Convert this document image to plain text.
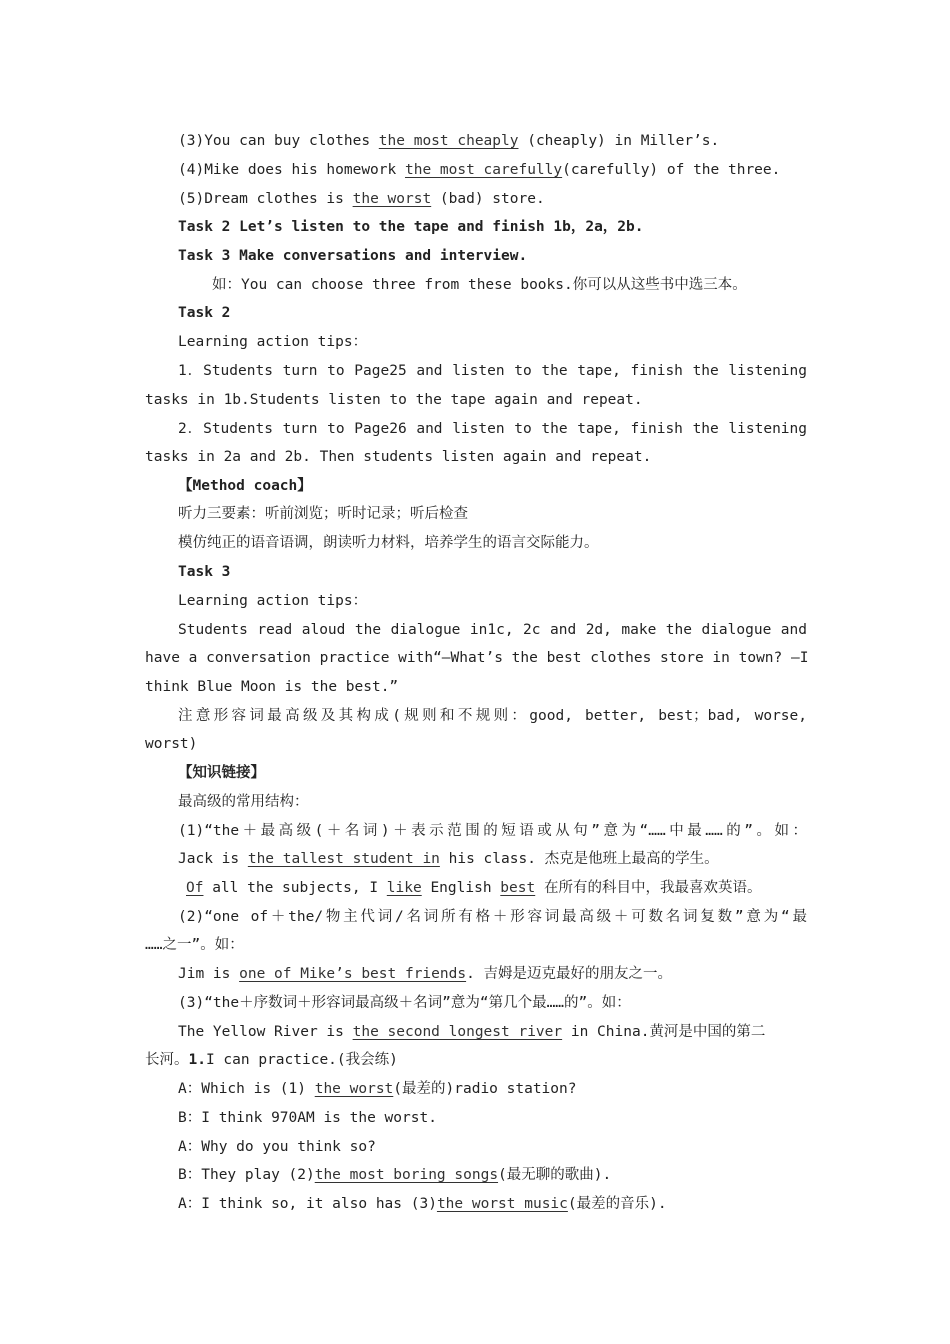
(3)You can buy clothes the most cheaply (cheaply) in Miller’s.
(4)Mike does his homework the most carefully(carefully) of the three.
(5)Dream clothes is the worst (bad) store.
Task 2 Let’s listen to the tape and finish 1b，2a，2b.
Task 3 Make conversations and interview.
如：You can choose three from these books.你可以从这些书中选三本。
Task 2
Learning action tips：
1．Students turn to Page25 and listen to the tape, finish the listening
tasks in 1b.Students listen to the tape again and repeat.
2．Students turn to Page26 and listen to the tape, finish the listening
tasks in 2a and 2b. Then students listen again and repeat.
【Method coach】
听力三要素：听前浏览；听时记录；听后检查
模仿纯正的语音语调，朗读听力材料，培养学生的语言交际能力。
Task 3
Learning action tips：
Students read aloud the dialogue in1c, 2c and 2d, make the dialogue and
have a conversation practice with“—What’s the best clothes store in town? —I
think Blue Moon is the best.”
注意形容词最高级及其构成(规则和不规则：good, better, best；bad, worse,
worst)
【知识链接】
最高级的常用结构：
(1)“the＋最高级(＋名词)＋表示范围的短语或从句”意为“……中最……的”。如：
Jack is the tallest student in his class. 杰克是他班上最高的学生。
Of all the subjects, I like English best 在所有的科目中，我最喜欢英语。
(2)“one of＋the/物主代词/名词所有格＋形容词最高级＋可数名词复数”意为“最
……之一”。如：
Jim is one of Mike’s best friends. 吉姆是迈克最好的朋友之一。
(3)“the＋序数词＋形容词最高级＋名词”意为“第几个最……的”。如：
The Yellow River is the second longest river in China.黄河是中国的第二
长河。1.I can practice.(我会练)
A：Which is (1) the worst(最差的)radio station?
B：I think 970AM is the worst.
A：Why do you think so?
B：They play (2)the most boring songs(最无聊的歌曲).
A：I think so, it also has (3)the worst music(最差的音乐).
